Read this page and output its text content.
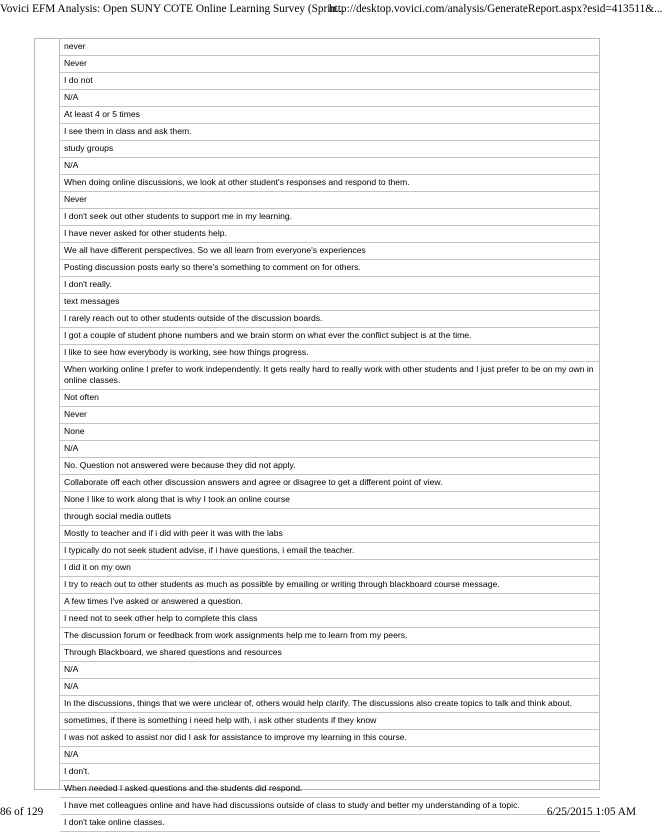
Vovici EFM Analysis: Open SUNY COTE Online Learning Survey (Sprin...
http://desktop.vovici.com/analysis/GenerateReport.aspx?esid=413511&...
never
Never
I do not
N/A
At least 4 or 5 times
I see them in class and ask them.
study groups
N/A
When doing online discussions, we look at other student's responses and respond to them.
Never
I don't seek out other students to support me in my learning.
I have never asked for other students help.
We all have different perspectives. So we all learn from everyone's experiences
Posting discussion posts early so there's something to comment on for others.
I don't really.
text messages
I rarely reach out to other students outside of the discussion boards.
I got a couple of student phone numbers and we brain storm on what ever the conflict subject is at the time.
I like to see how everybody is working, see how things progress.
When working online I prefer to work independently. It gets really hard to really work with other students and I just prefer to be on my own in online classes.
Not often
Never
None
N/A
No. Question not answered were because they did not apply.
Collaborate off each other discussion answers and agree or disagree to get a different point of view.
None I like to work along that is why I took an online course
through social media outlets
Mostly to teacher and if i did with peer it was with the labs
I typically do not seek student advise, if i have questions, i email the teacher.
I did it on my own
I try to reach out to other students as much as possible by emailing or writing through blackboard course message.
A few times I've asked or answered a question.
I need not to seek other help to complete this class
The discussion forum or feedback from work assignments help me to learn from my peers.
Through Blackboard, we shared questions and resources
N/A
N/A
In the discussions, things that we were unclear of, others would help clarify. The discussions also create topics to talk and think about.
sometimes, if there is something i need help with, i ask other students if they know
I was not asked to assist nor did I ask for assistance to improve my learning in this course.
N/A
I don't.
When needed I asked questions and the students did respond.
I have met colleagues online and have had discussions outside of class to study and better my understanding of a topic.
I don't take online classes.
86 of 129	6/25/2015 1:05 AM
